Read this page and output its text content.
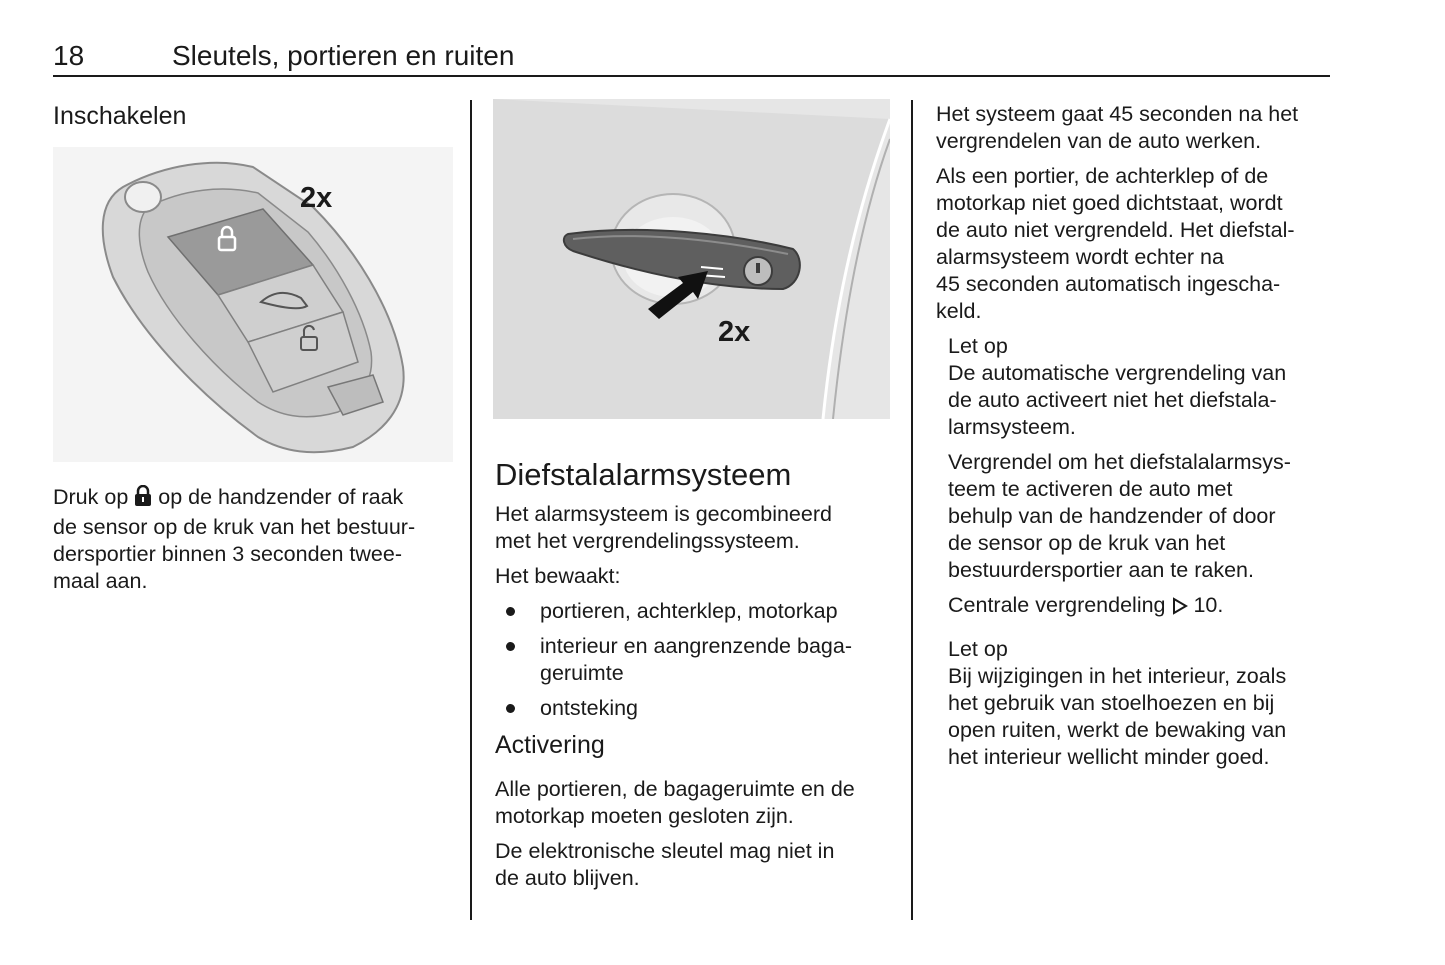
18	Sleutels, portieren en ruiten
Inschakelen
2x
Druk op  op de handzender of raak
de sensor op de kruk van het bestuur-
dersportier binnen 3 seconden twee-
maal aan.
2x
Diefstalalarmsysteem

Het alarmsysteem is gecombineerd
met het vergrendelingssysteem.

Het bewaakt:

portieren, achterklep, motorkap
interieur en aangrenzende baga-
geruimte
ontsteking
Activering

Alle portieren, de bagageruimte en de
motorkap moeten gesloten zijn.

De elektronische sleutel mag niet in
de auto blijven.

Het systeem gaat 45 seconden na het
vergrendelen van de auto werken.

Als een portier, de achterklep of de
motorkap niet goed dichtstaat, wordt
de auto niet vergrendeld. Het diefstal-
alarmsysteem wordt echter na
45 seconden automatisch ingescha-
keld.

Let op

De automatische vergrendeling van
de auto activeert niet het diefstala-
larmsysteem.

Vergrendel om het diefstalalarmsys-
teem te activeren de auto met
behulp van de handzender of door
de sensor op de kruk van het
bestuurdersportier aan te raken.

Centrale vergrendeling  10.

Let op

Bij wijzigingen in het interieur, zoals
het gebruik van stoelhoezen en bij
open ruiten, werkt de bewaking van
het interieur wellicht minder goed.
